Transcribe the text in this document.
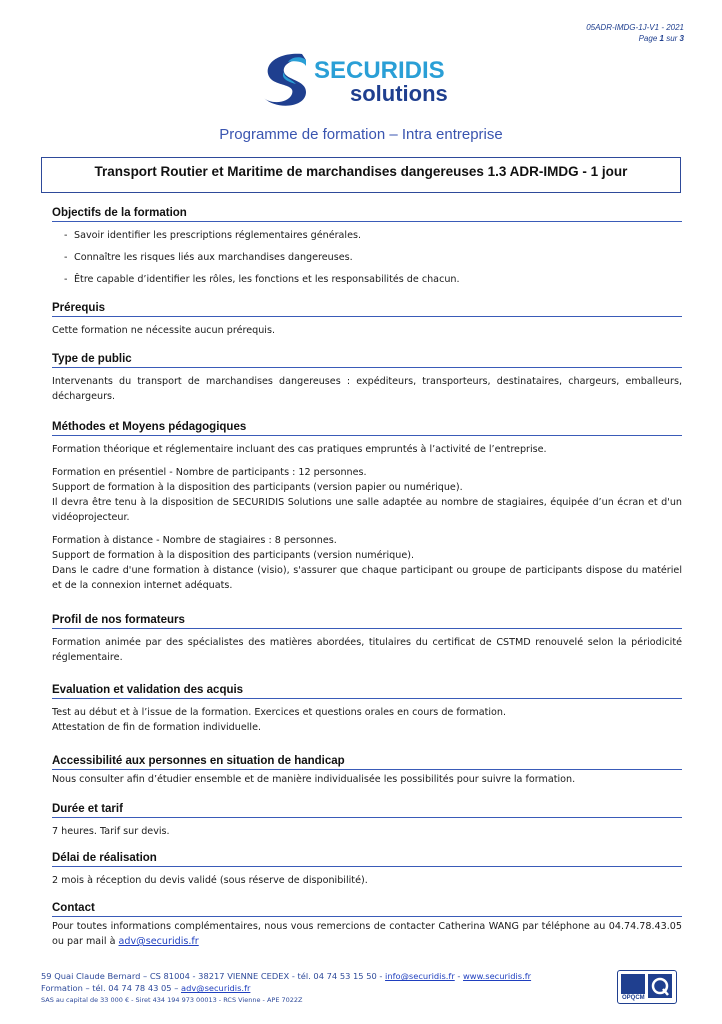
05ADR-IMDG-1J-V1 - 2021
Page 1 sur 3
SECURIDIS
solutions
Programme de formation – Intra entreprise
Transport Routier et Maritime de marchandises dangereuses 1.3 ADR-IMDG - 1 jour
Objectifs de la formation
- Savoir identifier les prescriptions réglementaires générales.
- Connaître les risques liés aux marchandises dangereuses.
- Être capable d’identifier les rôles, les fonctions et les responsabilités de chacun.
Prérequis
Cette formation ne nécessite aucun prérequis.
Type de public
Intervenants du transport de marchandises dangereuses : expéditeurs, transporteurs, destinataires, chargeurs, emballeurs, déchargeurs.
Méthodes et Moyens pédagogiques
Formation théorique et réglementaire incluant des cas pratiques empruntés à l’activité de l’entreprise.
Formation en présentiel - Nombre de participants : 12 personnes.
Support de formation à la disposition des participants (version papier ou numérique).
Il devra être tenu à la disposition de SECURIDIS Solutions une salle adaptée au nombre de stagiaires, équipée d’un écran et d'un vidéoprojecteur.
Formation à distance - Nombre de stagiaires : 8 personnes.
Support de formation à la disposition des participants (version numérique).
Dans le cadre d'une formation à distance (visio), s'assurer que chaque participant ou groupe de participants dispose du matériel et de la connexion internet adéquats.
Profil de nos formateurs
Formation animée par des spécialistes des matières abordées, titulaires du certificat de CSTMD renouvelé selon la périodicité réglementaire.
Evaluation et validation des acquis
Test au début et à l’issue de la formation. Exercices et questions orales en cours de formation.
Attestation de fin de formation individuelle.
Accessibilité aux personnes en situation de handicap
Nous consulter afin d’étudier ensemble et de manière individualisée les possibilités pour suivre la formation.
Durée et tarif
7 heures. Tarif sur devis.
Délai de réalisation
2 mois à réception du devis validé (sous réserve de disponibilité).
Contact
Pour toutes informations complémentaires, nous vous remercions de contacter Catherina WANG par téléphone au 04.74.78.43.05 ou par mail à adv@securidis.fr
59 Quai Claude Bernard – CS 81004 - 38217 VIENNE CEDEX - tél. 04 74 53 15 50 - info@securidis.fr - www.securidis.fr
Formation – tél. 04 74 78 43 05 – adv@securidis.fr
SAS au capital de 33 000 € - Siret 434 194 973 00013 - RCS Vienne - APE 7022Z	OPQCM
